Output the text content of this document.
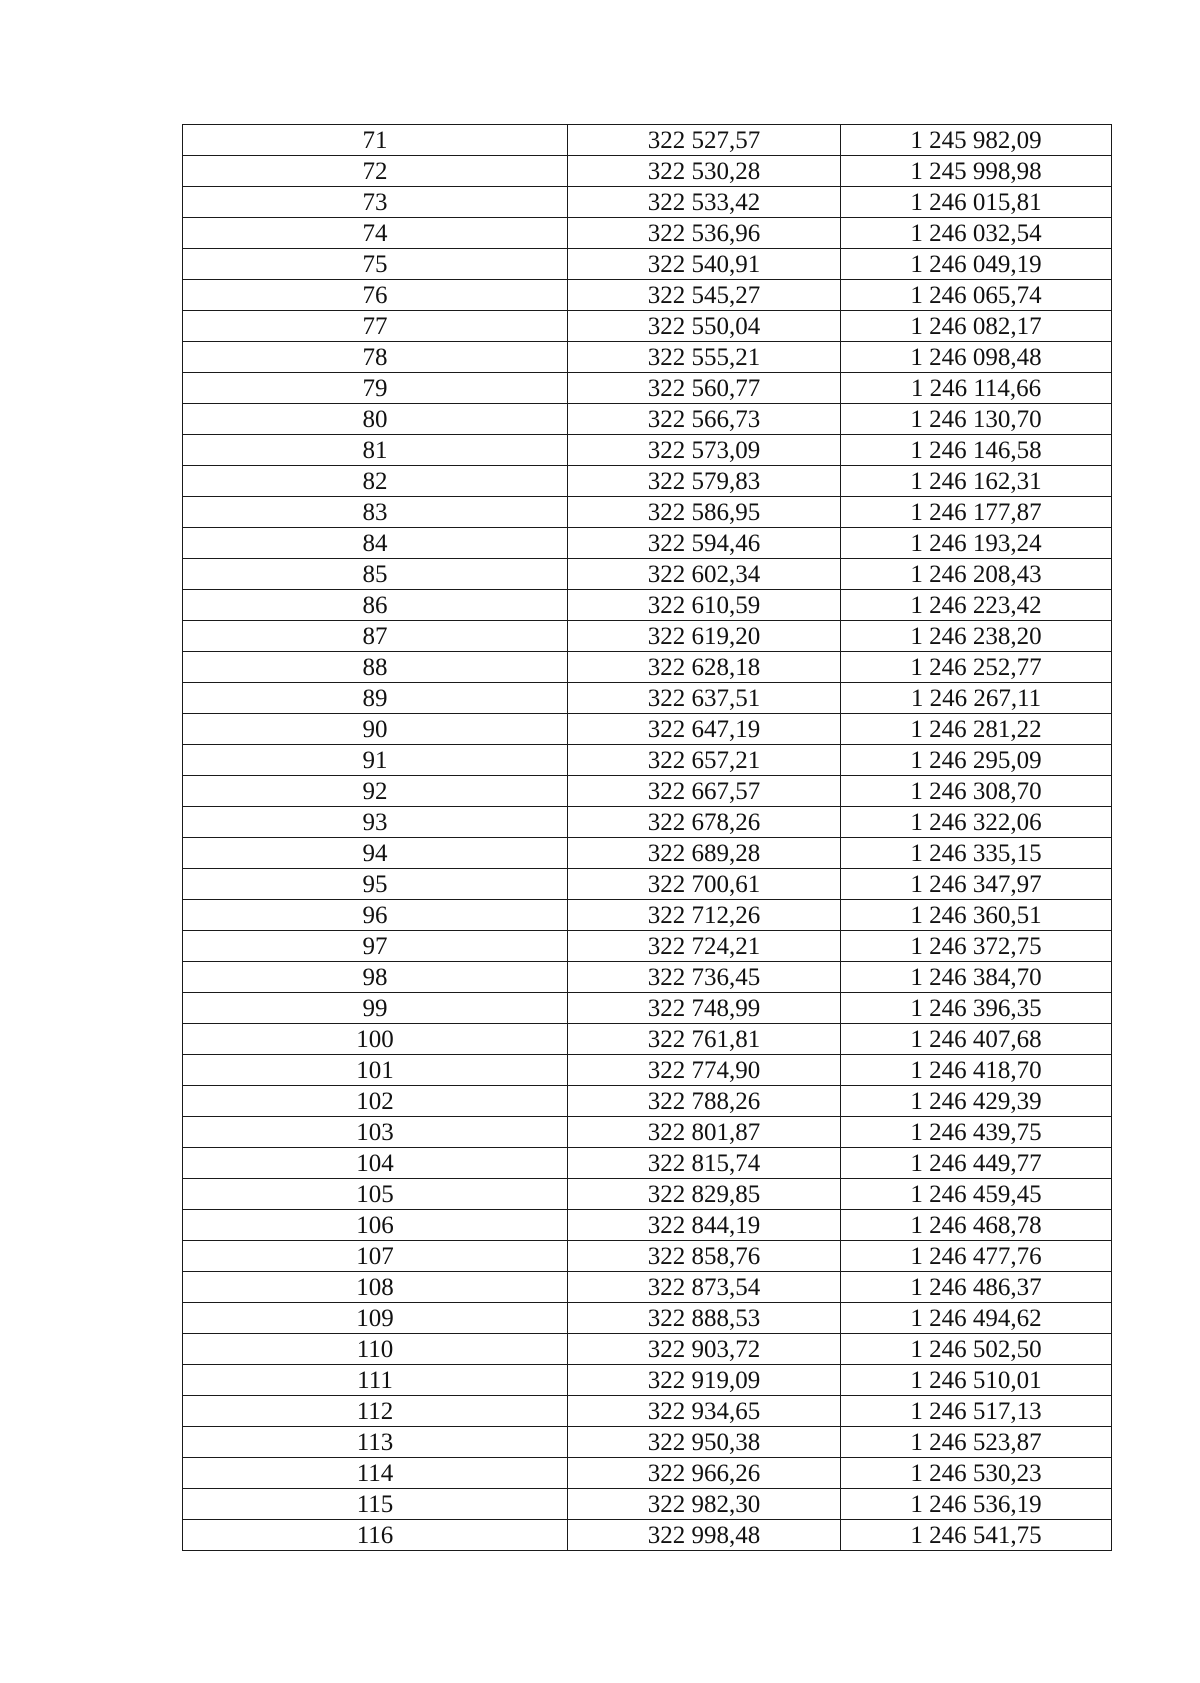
71	322 527,57	1 245 982,09
72	322 530,28	1 245 998,98
73	322 533,42	1 246 015,81
74	322 536,96	1 246 032,54
75	322 540,91	1 246 049,19
76	322 545,27	1 246 065,74
77	322 550,04	1 246 082,17
78	322 555,21	1 246 098,48
79	322 560,77	1 246 114,66
80	322 566,73	1 246 130,70
81	322 573,09	1 246 146,58
82	322 579,83	1 246 162,31
83	322 586,95	1 246 177,87
84	322 594,46	1 246 193,24
85	322 602,34	1 246 208,43
86	322 610,59	1 246 223,42
87	322 619,20	1 246 238,20
88	322 628,18	1 246 252,77
89	322 637,51	1 246 267,11
90	322 647,19	1 246 281,22
91	322 657,21	1 246 295,09
92	322 667,57	1 246 308,70
93	322 678,26	1 246 322,06
94	322 689,28	1 246 335,15
95	322 700,61	1 246 347,97
96	322 712,26	1 246 360,51
97	322 724,21	1 246 372,75
98	322 736,45	1 246 384,70
99	322 748,99	1 246 396,35
100	322 761,81	1 246 407,68
101	322 774,90	1 246 418,70
102	322 788,26	1 246 429,39
103	322 801,87	1 246 439,75
104	322 815,74	1 246 449,77
105	322 829,85	1 246 459,45
106	322 844,19	1 246 468,78
107	322 858,76	1 246 477,76
108	322 873,54	1 246 486,37
109	322 888,53	1 246 494,62
110	322 903,72	1 246 502,50
111	322 919,09	1 246 510,01
112	322 934,65	1 246 517,13
113	322 950,38	1 246 523,87
114	322 966,26	1 246 530,23
115	322 982,30	1 246 536,19
116	322 998,48	1 246 541,75
